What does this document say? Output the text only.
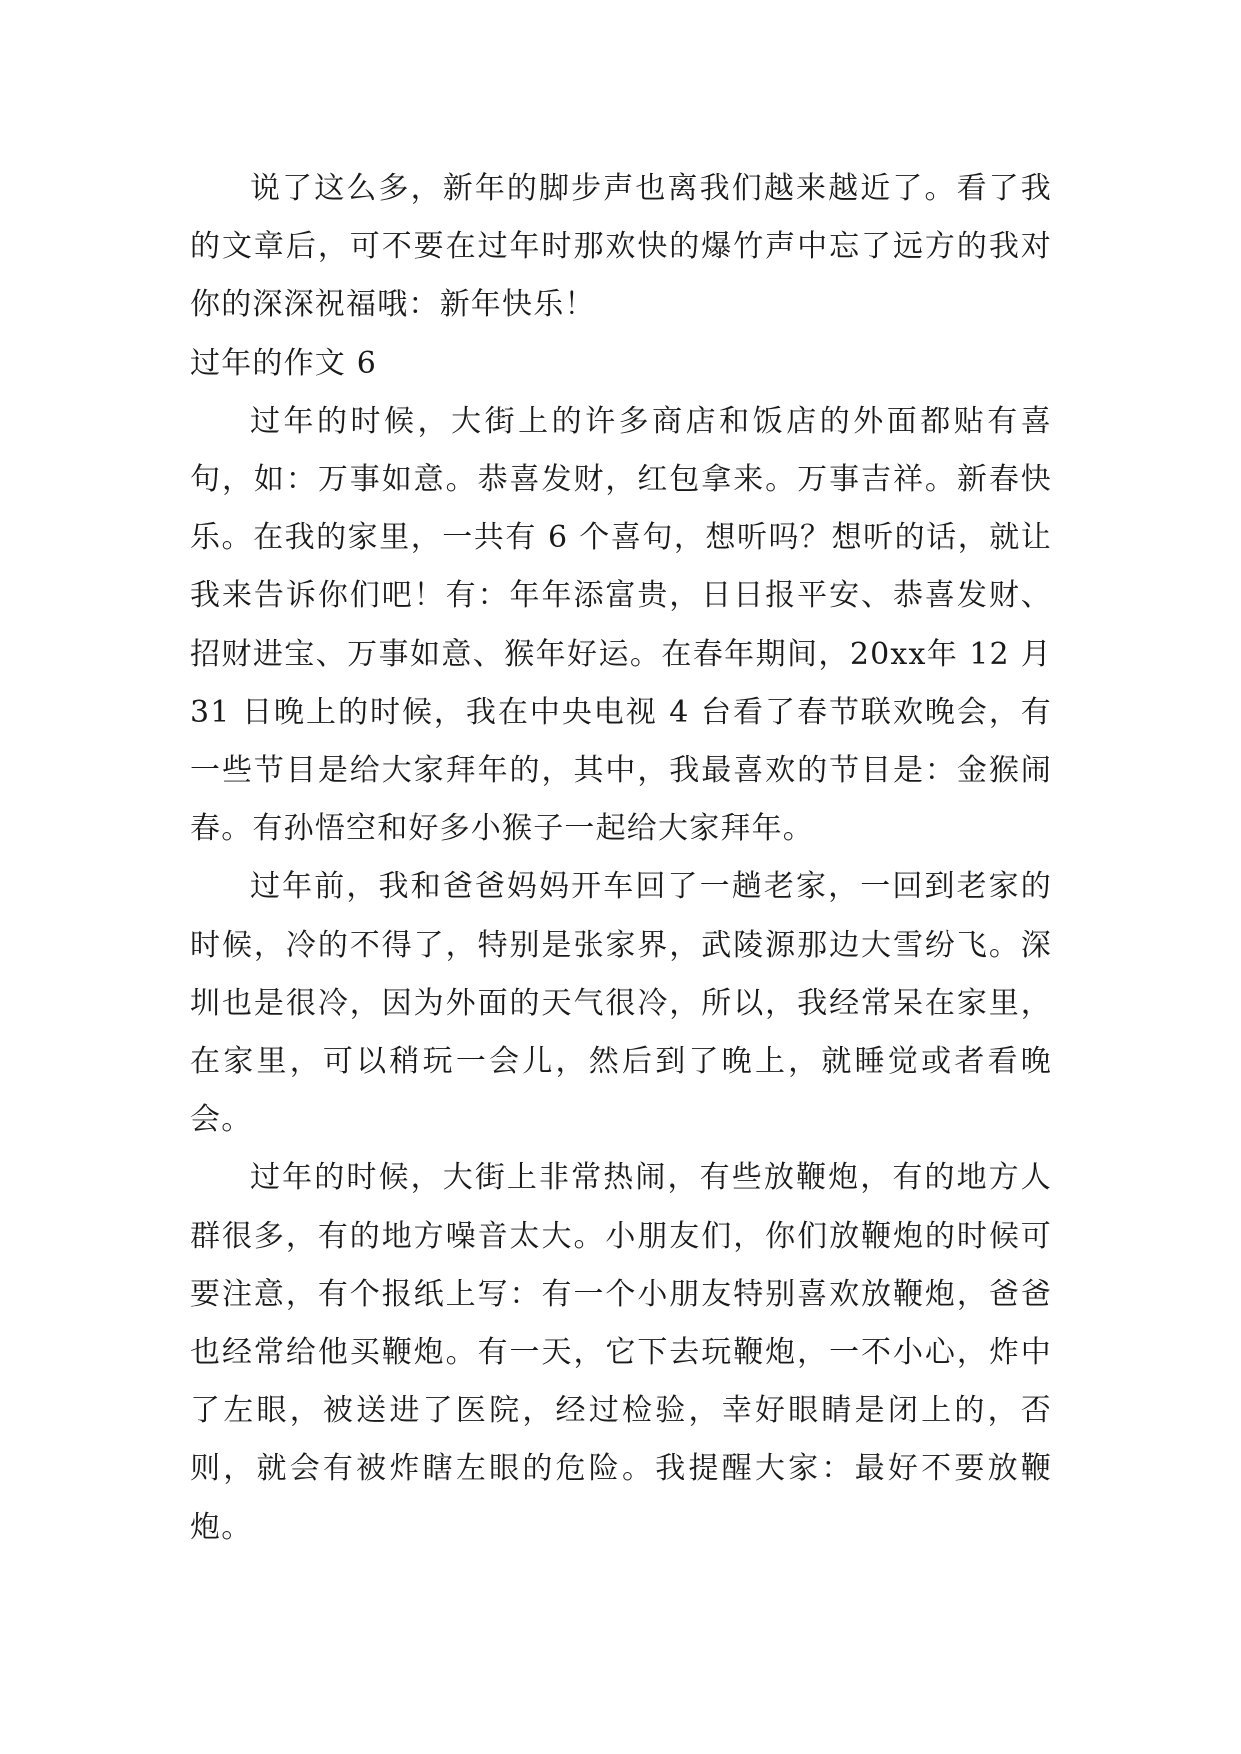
说了这么多，新年的脚步声也离我们越来越近了。看了我的文章后，可不要在过年时那欢快的爆竹声中忘了远方的我对你的深深祝福哦：新年快乐！

过年的作文 6

过年的时候，大街上的许多商店和饭店的外面都贴有喜句，如：万事如意。恭喜发财，红包拿来。万事吉祥。新春快乐。在我的家里，一共有 6 个喜句，想听吗？想听的话，就让我来告诉你们吧！有：年年添富贵，日日报平安、恭喜发财、招财进宝、万事如意、猴年好运。在春年期间，20xx年 12 月 31 日晚上的时候，我在中央电视 4 台看了春节联欢晚会，有一些节目是给大家拜年的，其中，我最喜欢的节目是：金猴闹春。有孙悟空和好多小猴子一起给大家拜年。

过年前，我和爸爸妈妈开车回了一趟老家，一回到老家的时候，冷的不得了，特别是张家界，武陵源那边大雪纷飞。深圳也是很冷，因为外面的天气很冷，所以，我经常呆在家里，在家里，可以稍玩一会儿，然后到了晚上，就睡觉或者看晚会。

过年的时候，大街上非常热闹，有些放鞭炮，有的地方人群很多，有的地方噪音太大。小朋友们，你们放鞭炮的时候可要注意，有个报纸上写：有一个小朋友特别喜欢放鞭炮，爸爸也经常给他买鞭炮。有一天，它下去玩鞭炮，一不小心，炸中了左眼，被送进了医院，经过检验，幸好眼睛是闭上的，否则，就会有被炸瞎左眼的危险。我提醒大家：最好不要放鞭炮。
